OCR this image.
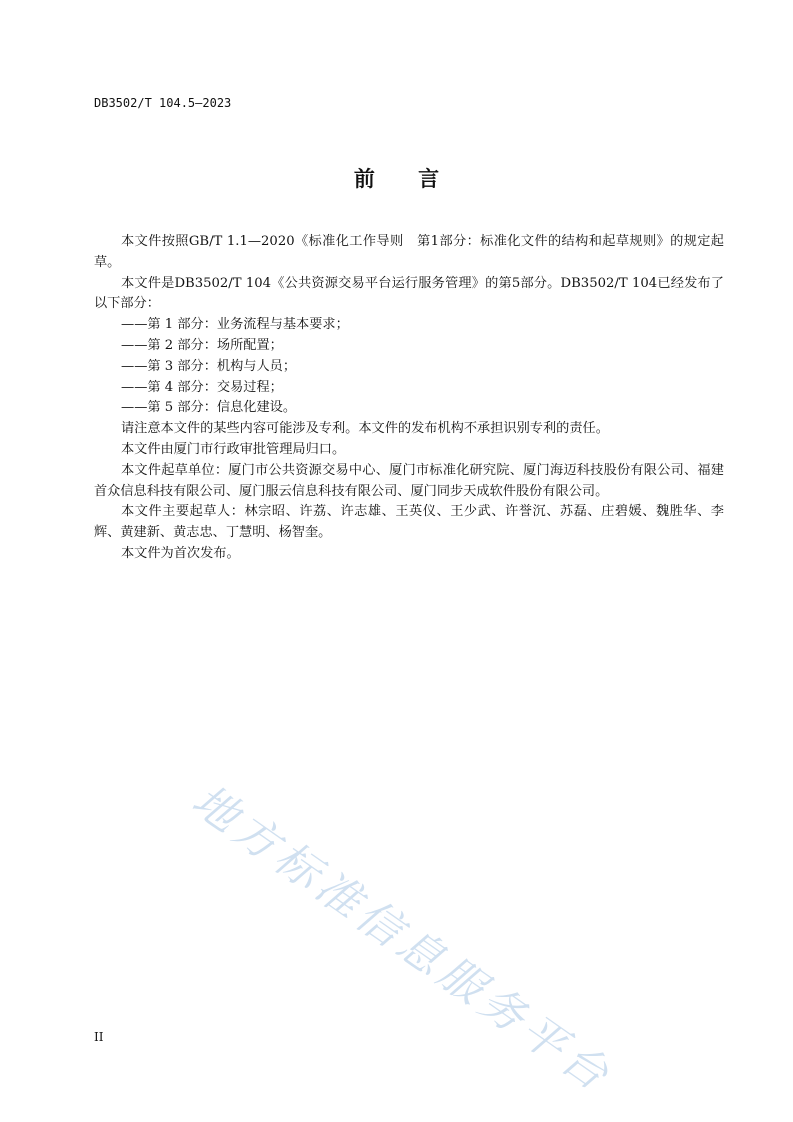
DB3502/T 104.5—2023
前 言

本文件按照GB/T 1.1—2020《标准化工作导则　第1部分：标准化文件的结构和起草规则》的规定起草。

本文件是DB3502/T 104《公共资源交易平台运行服务管理》的第5部分。DB3502/T 104已经发布了以下部分：

——第 1 部分：业务流程与基本要求；

——第 2 部分：场所配置；

——第 3 部分：机构与人员；

——第 4 部分：交易过程；

——第 5 部分：信息化建设。

请注意本文件的某些内容可能涉及专利。本文件的发布机构不承担识别专利的责任。

本文件由厦门市行政审批管理局归口。

本文件起草单位：厦门市公共资源交易中心、厦门市标准化研究院、厦门海迈科技股份有限公司、福建首众信息科技有限公司、厦门服云信息科技有限公司、厦门同步天成软件股份有限公司。

本文件主要起草人：林宗昭、许荔、许志雄、王英仪、王少武、许誉沉、苏磊、庄碧媛、魏胜华、李辉、黄建新、黄志忠、丁慧明、杨智奎。

本文件为首次发布。

地方标准信息服务平台
II
